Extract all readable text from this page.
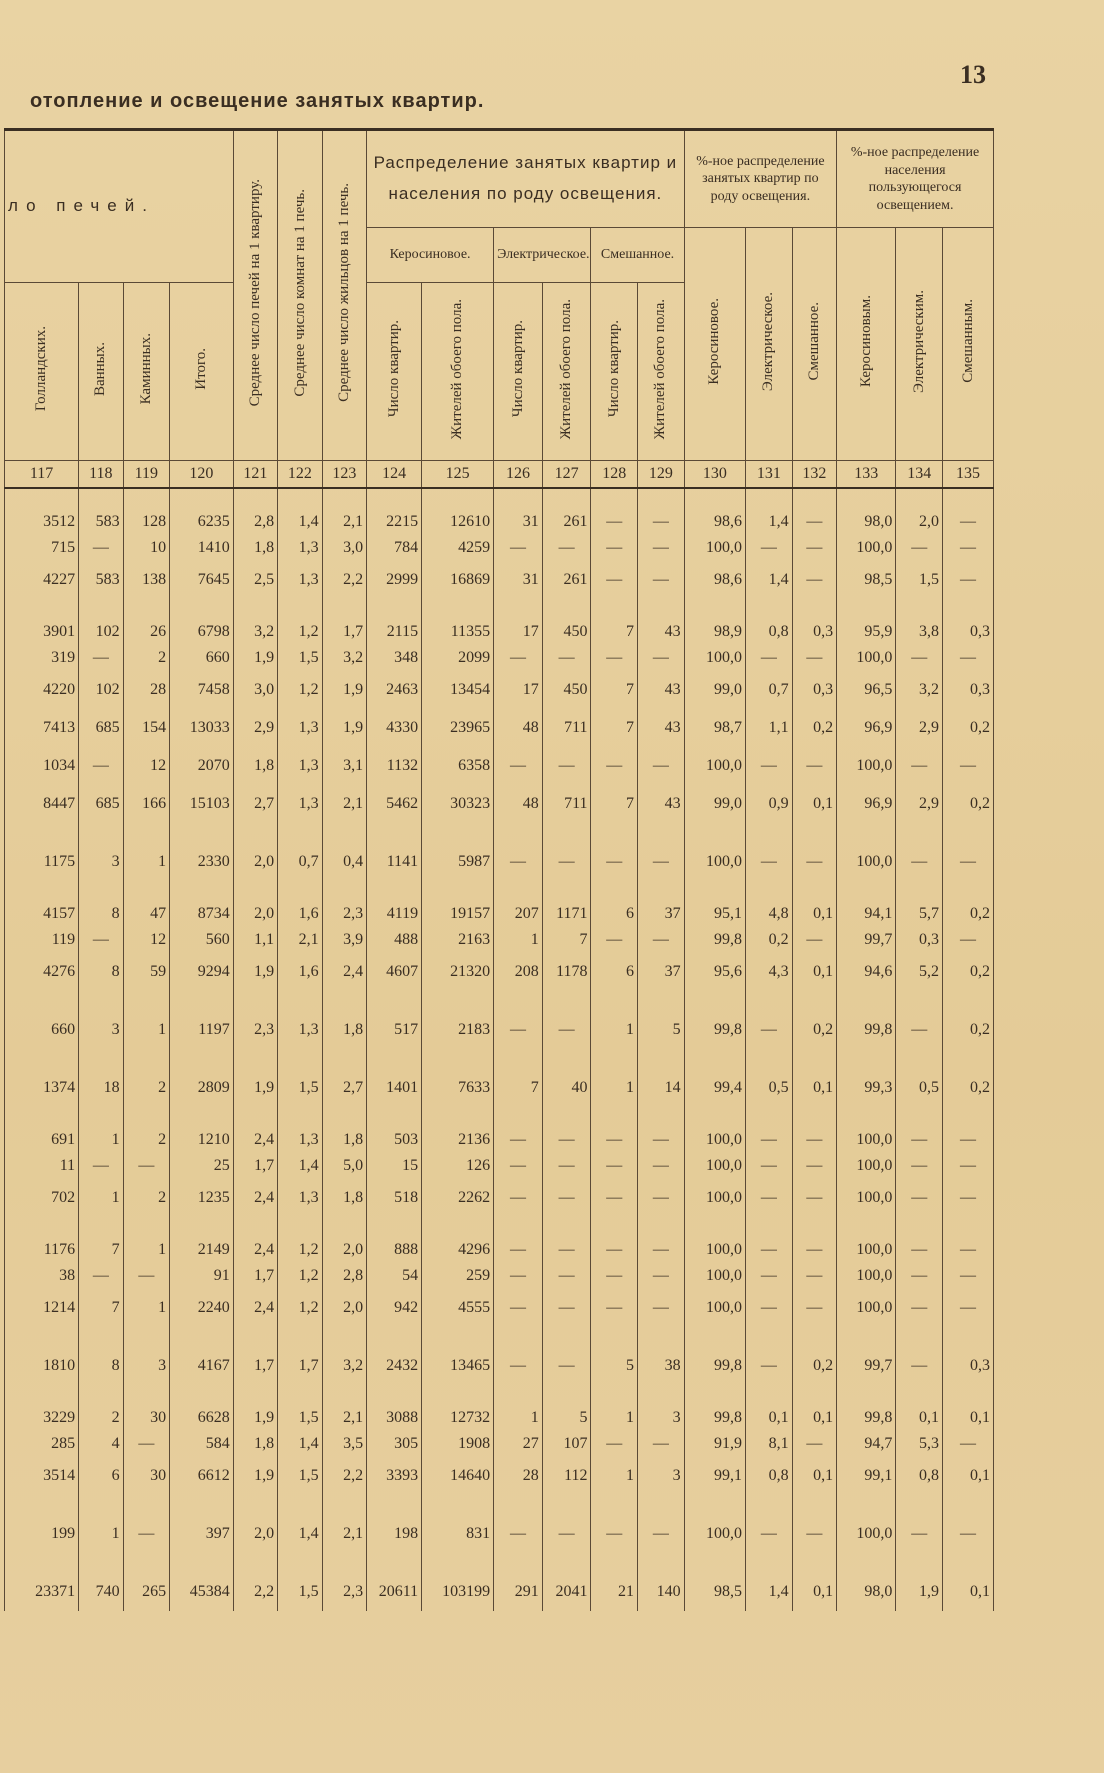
13
отопление и освещение занятых квартир.
ло печей.				Среднее число печей на 1 квартиру.	Среднее число комнат на 1 печь.	Среднее число жильцов на 1 печь.	Распределение занятых квартир и населения по роду освещения.						%-ное распределение занятых квартир по роду освещения.			%-ное распределение населения пользующегося освещением.		
							Керосиновое.		Электрическое.		Смешанное.		Керосиновое.	Электрическое.	Смешанное.	Керосиновым.	Электрическим.	Смешанным.
Голландских.	Ванных.	Каминных.	Итого.				Число квартир.	Жителей обоего пола.	Число квартир.	Жителей обоего пола.	Число квартир.	Жителей обоего пола.						
117	118	119	120	121	122	123	124	125	126	127	128	129	130	131	132	133	134	135

3512	583	128	6235	2,8	1,4	2,1	2215	12610	31	261	—	—	98,6	1,4	—	98,0	2,0	—
715	—	10	1410	1,8	1,3	3,0	784	4259	—	—	—	—	100,0	—	—	100,0	—	—
4227	583	138	7645	2,5	1,3	2,2	2999	16869	31	261	—	—	98,6	1,4	—	98,5	1,5	—

3901	102	26	6798	3,2	1,2	1,7	2115	11355	17	450	7	43	98,9	0,8	0,3	95,9	3,8	0,3
319	—	2	660	1,9	1,5	3,2	348	2099	—	—	—	—	100,0	—	—	100,0	—	—
4220	102	28	7458	3,0	1,2	1,9	2463	13454	17	450	7	43	99,0	0,7	0,3	96,5	3,2	0,3
7413	685	154	13033	2,9	1,3	1,9	4330	23965	48	711	7	43	98,7	1,1	0,2	96,9	2,9	0,2
1034	—	12	2070	1,8	1,3	3,1	1132	6358	—	—	—	—	100,0	—	—	100,0	—	—
8447	685	166	15103	2,7	1,3	2,1	5462	30323	48	711	7	43	99,0	0,9	0,1	96,9	2,9	0,2

1175	3	1	2330	2,0	0,7	0,4	1141	5987	—	—	—	—	100,0	—	—	100,0	—	—

4157	8	47	8734	2,0	1,6	2,3	4119	19157	207	1171	6	37	95,1	4,8	0,1	94,1	5,7	0,2
119	—	12	560	1,1	2,1	3,9	488	2163	1	7	—	—	99,8	0,2	—	99,7	0,3	—
4276	8	59	9294	1,9	1,6	2,4	4607	21320	208	1178	6	37	95,6	4,3	0,1	94,6	5,2	0,2

660	3	1	1197	2,3	1,3	1,8	517	2183	—	—	1	5	99,8	—	0,2	99,8	—	0,2

1374	18	2	2809	1,9	1,5	2,7	1401	7633	7	40	1	14	99,4	0,5	0,1	99,3	0,5	0,2

691	1	2	1210	2,4	1,3	1,8	503	2136	—	—	—	—	100,0	—	—	100,0	—	—
11	—	—	25	1,7	1,4	5,0	15	126	—	—	—	—	100,0	—	—	100,0	—	—
702	1	2	1235	2,4	1,3	1,8	518	2262	—	—	—	—	100,0	—	—	100,0	—	—

1176	7	1	2149	2,4	1,2	2,0	888	4296	—	—	—	—	100,0	—	—	100,0	—	—
38	—	—	91	1,7	1,2	2,8	54	259	—	—	—	—	100,0	—	—	100,0	—	—
1214	7	1	2240	2,4	1,2	2,0	942	4555	—	—	—	—	100,0	—	—	100,0	—	—

1810	8	3	4167	1,7	1,7	3,2	2432	13465	—	—	5	38	99,8	—	0,2	99,7	—	0,3

3229	2	30	6628	1,9	1,5	2,1	3088	12732	1	5	1	3	99,8	0,1	0,1	99,8	0,1	0,1
285	4	—	584	1,8	1,4	3,5	305	1908	27	107	—	—	91,9	8,1	—	94,7	5,3	—
3514	6	30	6612	1,9	1,5	2,2	3393	14640	28	112	1	3	99,1	0,8	0,1	99,1	0,8	0,1

199	1	—	397	2,0	1,4	2,1	198	831	—	—	—	—	100,0	—	—	100,0	—	—

23371	740	265	45384	2,2	1,5	2,3	20611	103199	291	2041	21	140	98,5	1,4	0,1	98,0	1,9	0,1
